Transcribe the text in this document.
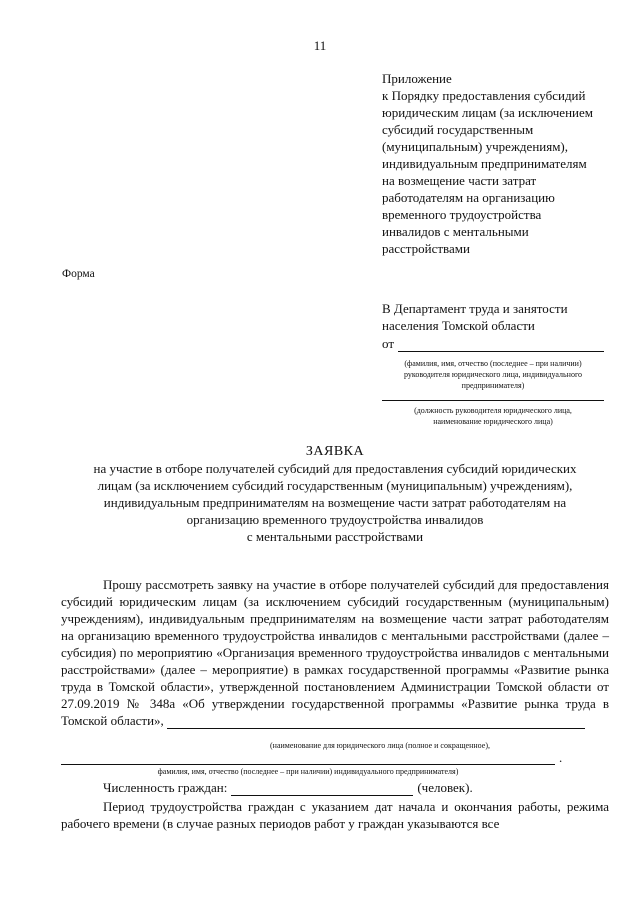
11
Приложение
к Порядку предоставления субсидий
юридическим лицам (за исключением
субсидий государственным
(муниципальным) учреждениям),
индивидуальным предпринимателям
на возмещение части затрат
работодателям на организацию
временного трудоустройства
инвалидов с ментальными
расстройствами
Форма
В Департамент труда и занятости
населения Томской области
от
(фамилия, имя, отчество (последнее – при наличии)
руководителя юридического лица, индивидуального
предпринимателя)
(должность руководителя юридического лица,
наименование юридического лица)
ЗАЯВКА
на участие в отборе получателей субсидий для предоставления субсидий юридических
лицам (за исключением субсидий государственным (муниципальным) учреждениям),
индивидуальным предпринимателям на возмещение части затрат работодателям на
организацию временного трудоустройства инвалидов
с ментальными расстройствами

Прошу рассмотреть заявку на участие в отборе получателей субсидий для предоставления субсидий юридическим лицам (за исключением субсидий государственным (муниципальным) учреждениям), индивидуальным предпринимателям на возмещение части затрат работодателям на организацию временного трудоустройства инвалидов с ментальными расстройствами (далее – субсидия) по мероприятию «Организация временного трудоустройства инвалидов с ментальными расстройствами» (далее – мероприятие) в рамках государственной программы «Развитие рынка труда в Томской области», утвержденной постановлением Администрации Томской области от 27.09.2019 № 348а «Об утверждении государственной программы «Развитие рынка труда в Томской области»,

(наименование для юридического лица (полное и сокращенное),
.
фамилия, имя, отчество (последнее – при наличии) индивидуального предпринимателя)
Численность граждан:	(человек).

Период трудоустройства граждан с указанием дат начала и окончания работы, режима рабочего времени (в случае разных периодов работ у граждан указываются все
